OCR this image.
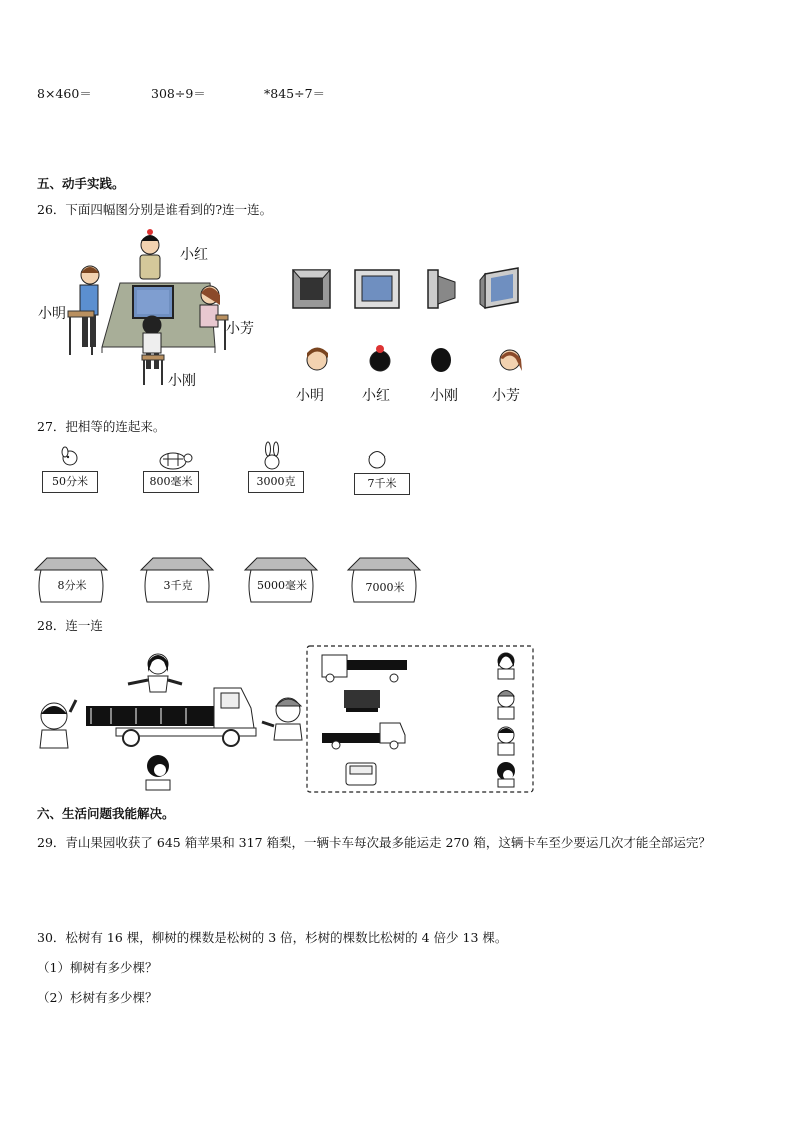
8×460＝	308÷9＝	*845÷7＝
五、动手实践。
26．下面四幅图分别是谁看到的?连一连。
小红
小明
小芳
小刚
小明	小红	小刚 小芳
27．把相等的连起来。
50分米	800毫米	3000克	7千米
8分米	3千克	5000毫米	7000米
28．连一连
六、生活问题我能解决。
29．青山果园收获了 645 箱苹果和 317 箱梨，一辆卡车每次最多能运走 270 箱，这辆卡车至少要运几次才能全部运完？
30．松树有 16 棵，柳树的棵数是松树的 3 倍，杉树的棵数比松树的 4 倍少 13 棵。
（1）柳树有多少棵？
（2）杉树有多少棵？
